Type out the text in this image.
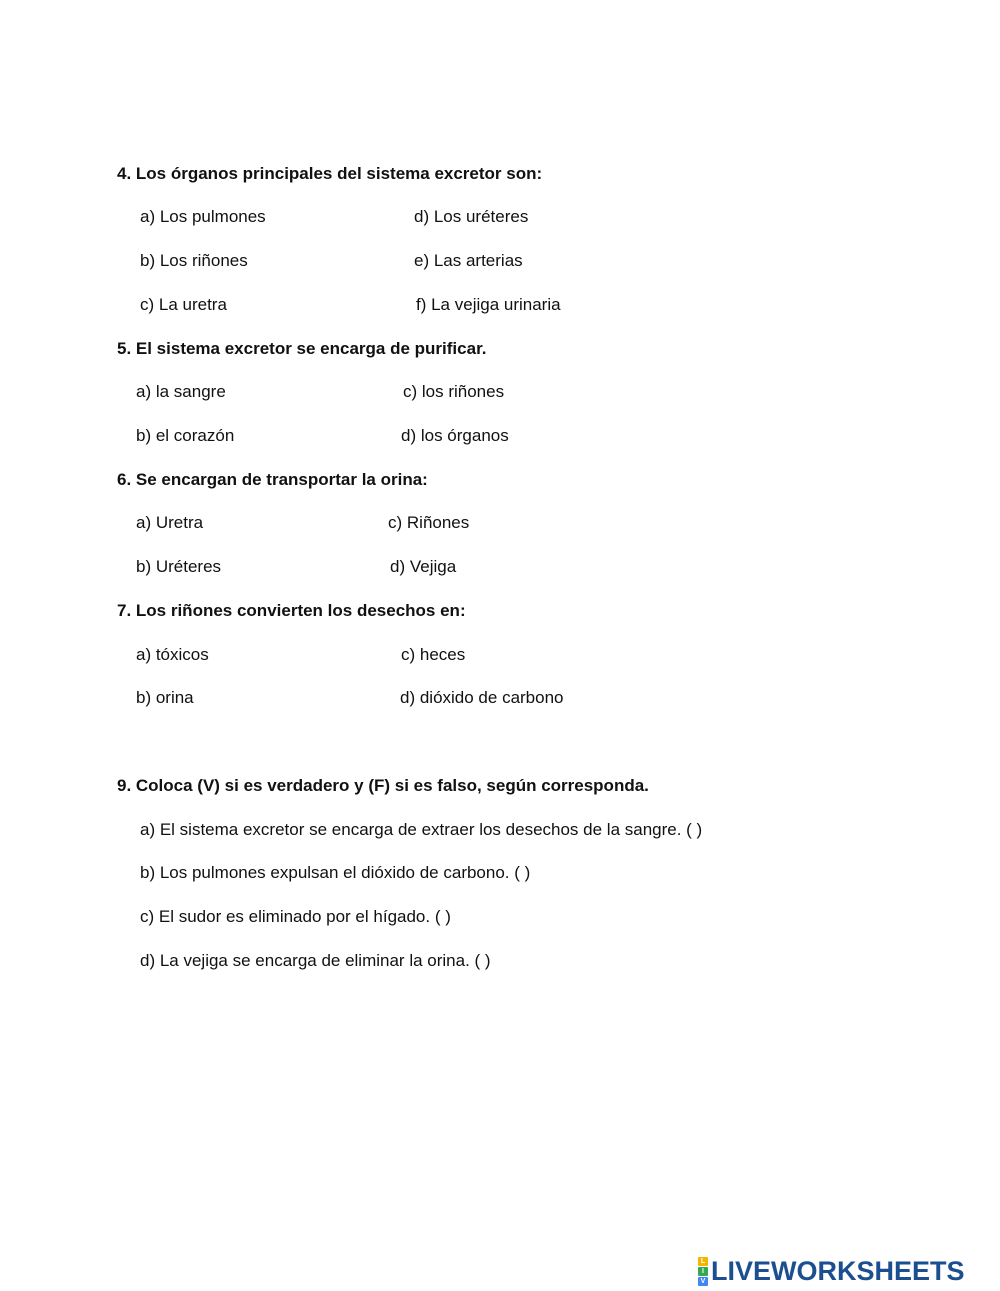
4. Los órganos principales del sistema excretor son:
a) Los pulmones	d) Los uréteres
b) Los riñones	e) Las arterias
c) La uretra	f) La vejiga urinaria
5. El sistema excretor se encarga de purificar.
a) la sangre	c) los riñones
b) el corazón	d) los órganos
6. Se encargan de transportar la orina:
a) Uretra	c) Riñones
b) Uréteres	d) Vejiga
7. Los riñones convierten los desechos en:
a) tóxicos	c) heces
b) orina	d) dióxido de carbono
9. Coloca (V) si es verdadero y (F) si es falso, según corresponda.
a) El sistema excretor se encarga de extraer los desechos de la sangre. ( )
b) Los pulmones expulsan el dióxido de carbono. ( )
c) El sudor es eliminado por el hígado. ( )
d) La vejiga se encarga de eliminar la orina. ( )
L
I
V LIVEWORKSHEETS
